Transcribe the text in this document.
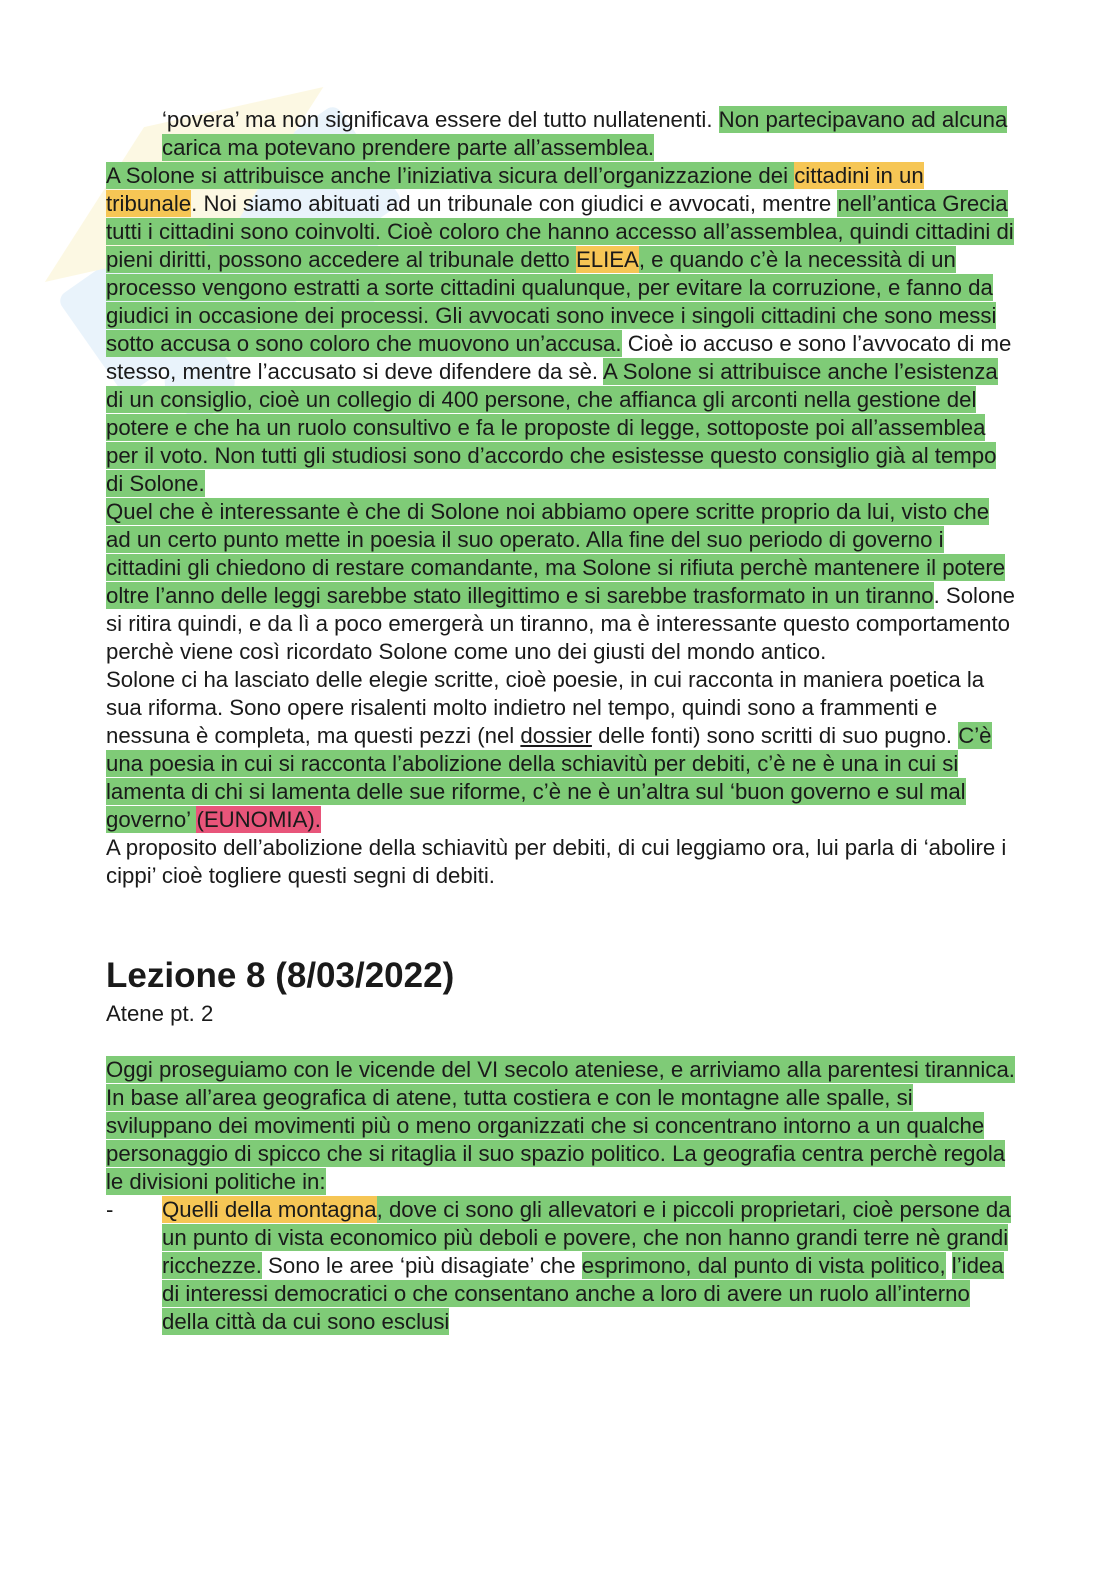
‘povera’ ma non significava essere del tutto nullatenenti. Non partecipavano ad alcuna carica ma potevano prendere parte all’assemblea.

A Solone si attribuisce anche l’iniziativa sicura dell’organizzazione dei cittadini in un tribunale. Noi siamo abituati ad un tribunale con giudici e avvocati, mentre nell’antica Grecia tutti i cittadini sono coinvolti. Cioè coloro che hanno accesso all’assemblea, quindi cittadini di pieni diritti, possono accedere al tribunale detto ELIEA, e quando c’è la necessità di un processo vengono estratti a sorte cittadini qualunque, per evitare la corruzione, e fanno da giudici in occasione dei processi. Gli avvocati sono invece i singoli cittadini che sono messi sotto accusa o sono coloro che muovono un’accusa. Cioè io accuso e sono l’avvocato di me stesso, mentre l’accusato si deve difendere da sè. A Solone si attribuisce anche l’esistenza di un consiglio, cioè un collegio di 400 persone, che affianca gli arconti nella gestione del potere e che ha un ruolo consultivo e fa le proposte di legge, sottoposte poi all’assemblea per il voto. Non tutti gli studiosi sono d’accordo che esistesse questo consiglio già al tempo di Solone.

Quel che è interessante è che di Solone noi abbiamo opere scritte proprio da lui, visto che ad un certo punto mette in poesia il suo operato. Alla fine del suo periodo di governo i cittadini gli chiedono di restare comandante, ma Solone si rifiuta perchè mantenere il potere oltre l’anno delle leggi sarebbe stato illegittimo e si sarebbe trasformato in un tiranno. Solone si ritira quindi, e da lì a poco emergerà un tiranno, ma è interessante questo comportamento perchè viene così ricordato Solone come uno dei giusti del mondo antico.

Solone ci ha lasciato delle elegie scritte, cioè poesie, in cui racconta in maniera poetica la sua riforma. Sono opere risalenti molto indietro nel tempo, quindi sono a frammenti e nessuna è completa, ma questi pezzi (nel dossier delle fonti) sono scritti di suo pugno. C’è una poesia in cui si racconta l’abolizione della schiavitù per debiti, c’è ne è una in cui si lamenta di chi si lamenta delle sue riforme, c’è ne è un’altra sul ‘buon governo e sul mal governo’ (EUNOMIA).

A proposito dell’abolizione della schiavitù per debiti, di cui leggiamo ora, lui parla di ‘abolire i cippi’ cioè togliere questi segni di debiti.

Lezione 8 (8/03/2022)
Atene pt. 2

Oggi proseguiamo con le vicende del VI secolo ateniese, e arriviamo alla parentesi tirannica. In base all’area geografica di atene, tutta costiera e con le montagne alle spalle, si sviluppano dei movimenti più o meno organizzati che si concentrano intorno a un qualche personaggio di spicco che si ritaglia il suo spazio politico. La geografia centra perchè regola le divisioni politiche in:

- Quelli della montagna, dove ci sono gli allevatori e i piccoli proprietari, cioè persone da un punto di vista economico più deboli e povere, che non hanno grandi terre nè grandi ricchezze. Sono le aree ‘più disagiate’ che esprimono, dal punto di vista politico, l’idea di interessi democratici o che consentano anche a loro di avere un ruolo all’interno della città da cui sono esclusi
